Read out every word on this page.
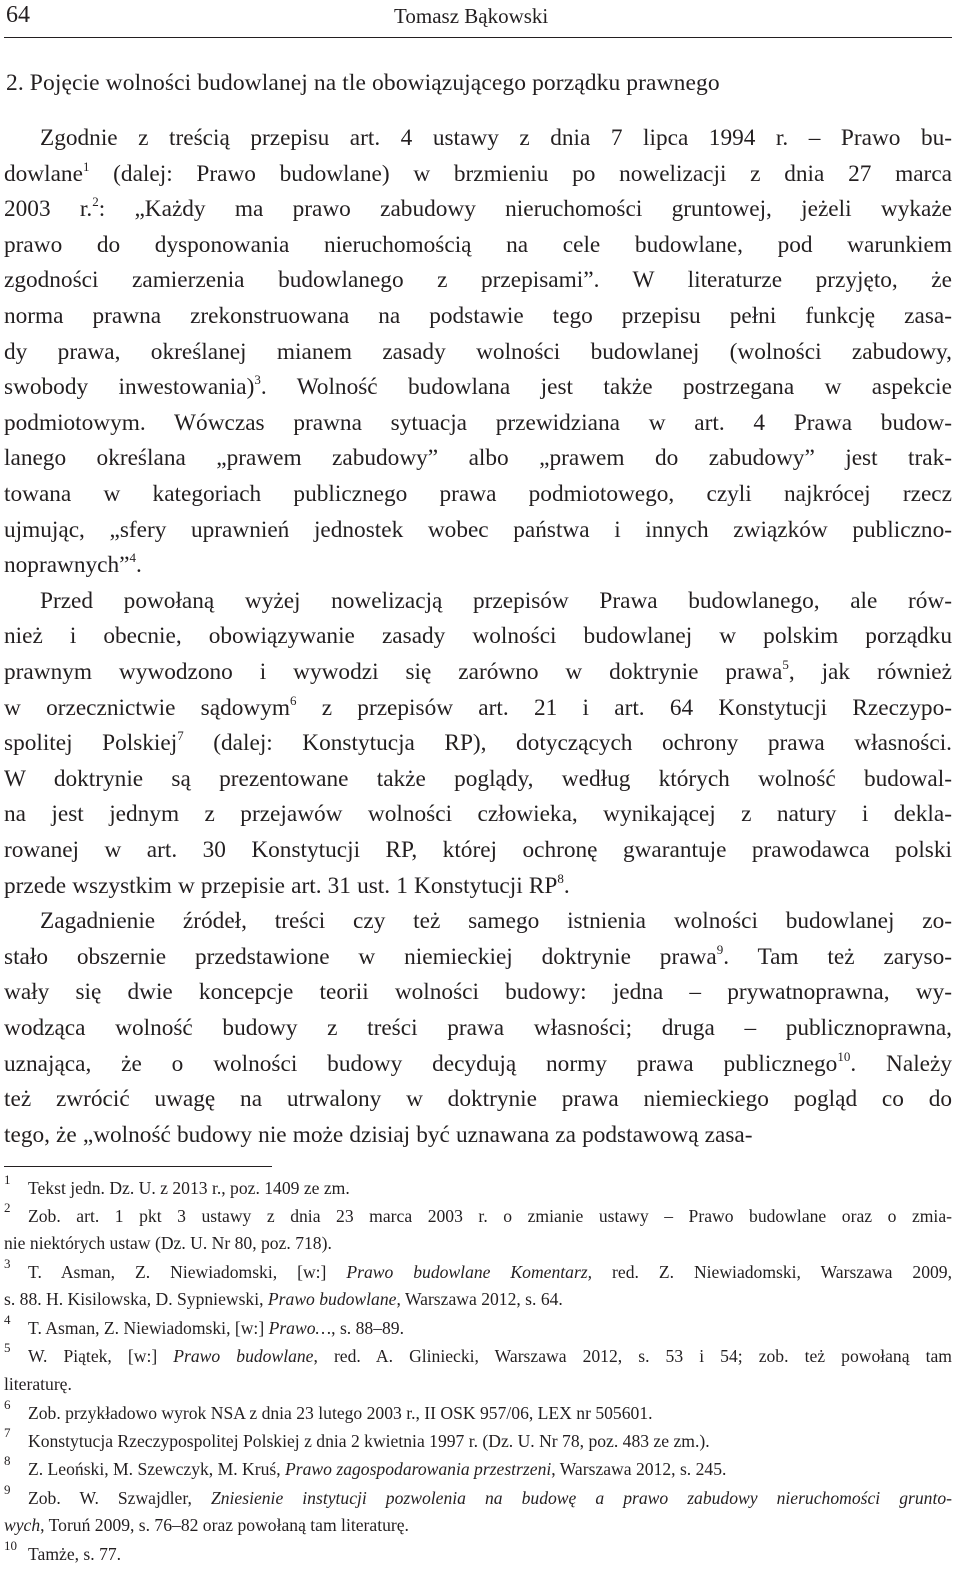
64	Tomasz Bąkowski
2. Pojęcie wolności budowlanej na tle obowiązującego porządku prawnego
Zgodnie z treścią przepisu art. 4 ustawy z dnia 7 lipca 1994 r. – Prawo bu-
dowlane$^1$ (dalej: Prawo budowlane) w brzmieniu po nowelizacji z dnia 27 marca
2003 r.$^2$: „Każdy ma prawo zabudowy nieruchomości gruntowej, jeżeli wykaże
prawo do dysponowania nieruchomością na cele budowlane, pod warunkiem
zgodności zamierzenia budowlanego z przepisami”. W literaturze przyjęto, że
norma prawna zrekonstruowana na podstawie tego przepisu pełni funkcję zasa-
dy prawa, określanej mianem zasady wolności budowlanej (wolności zabudowy,
swobody inwestowania)$^3$. Wolność budowlana jest także postrzegana w aspekcie
podmiotowym. Wówczas prawna sytuacja przewidziana w art. 4 Prawa budow-
lanego określana „prawem zabudowy” albo „prawem do zabudowy” jest trak-
towana w kategoriach publicznego prawa podmiotowego, czyli najkrócej rzecz
ujmując, „sfery uprawnień jednostek wobec państwa i innych związków publiczno-
noprawnych”$^4$.
Przed powołaną wyżej nowelizacją przepisów Prawa budowlanego, ale rów-
nież i obecnie, obowiązywanie zasady wolności budowlanej w polskim porządku
prawnym wywodzono i wywodzi się zarówno w doktrynie prawa$^5$, jak również
w orzecznictwie sądowym$^6$ z przepisów art. 21 i art. 64 Konstytucji Rzeczypo-
spolitej Polskiej$^7$ (dalej: Konstytucja RP), dotyczących ochrony prawa własności.
W doktrynie są prezentowane także poglądy, według których wolność budowal-
na jest jednym z przejawów wolności człowieka, wynikającej z natury i dekla-
rowanej w art. 30 Konstytucji RP, której ochronę gwarantuje prawodawca polski
przede wszystkim w przepisie art. 31 ust. 1 Konstytucji $RP^8$.
Zagadnienie źródeł, treści czy też samego istnienia wolności budowlanej zo-
stało obszernie przedstawione w niemieckiej doktrynie prawa$^9$. Tam też zaryso-
wały się dwie koncepcje teorii wolności budowy: jedna – prywatnoprawna, wy-
wodząca wolność budowy z treści prawa własności; druga – publicznoprawna,
uznająca, że o wolności budowy decydują normy prawa publicznego$^{10}$. Należy
też zwrócić uwagę na utrwalony w doktrynie prawa niemieckiego pogląd co do
tego, że „wolność budowy nie może dzisiaj być uznawana za podstawową zasa-
1 Tekst jedn. Dz. U. z 2013 r., poz. 1409 ze zm.
2 Zob. art. 1 pkt 3 ustawy z dnia 23 marca 2003 r. o zmianie ustawy – Prawo budowlane oraz o zmia-
nie niektórych ustaw (Dz. U. Nr 80, poz. 718).
3 T. Asman, Z. Niewiadomski, [w:] Prawo budowlane Komentarz, red. Z. Niewiadomski, Warszawa 2009,
s. 88. H. Kisilowska, D. Sypniewski, Prawo budowlane, Warszawa 2012, s. 64.
4 T. Asman, Z. Niewiadomski, [w:] Prawo…, s. 88–89.
5 W. Piątek, [w:] Prawo budowlane, red. A. Gliniecki, Warszawa 2012, s. 53 i 54; zob. też powołaną tam
literaturę.
6 Zob. przykładowo wyrok NSA z dnia 23 lutego 2003 r., II OSK 957/06, LEX nr 505601.
7 Konstytucja Rzeczypospolitej Polskiej z dnia 2 kwietnia 1997 r. (Dz. U. Nr 78, poz. 483 ze zm.).
8 Z. Leoński, M. Szewczyk, M. Kruś, Prawo zagospodarowania przestrzeni, Warszawa 2012, s. 245.
9 Zob. W. Szwajdler, Zniesienie instytucji pozwolenia na budowę a prawo zabudowy nieruchomości grunto-
wych, Toruń 2009, s. 76–82 oraz powołaną tam literaturę.
10 Tamże, s. 77.
